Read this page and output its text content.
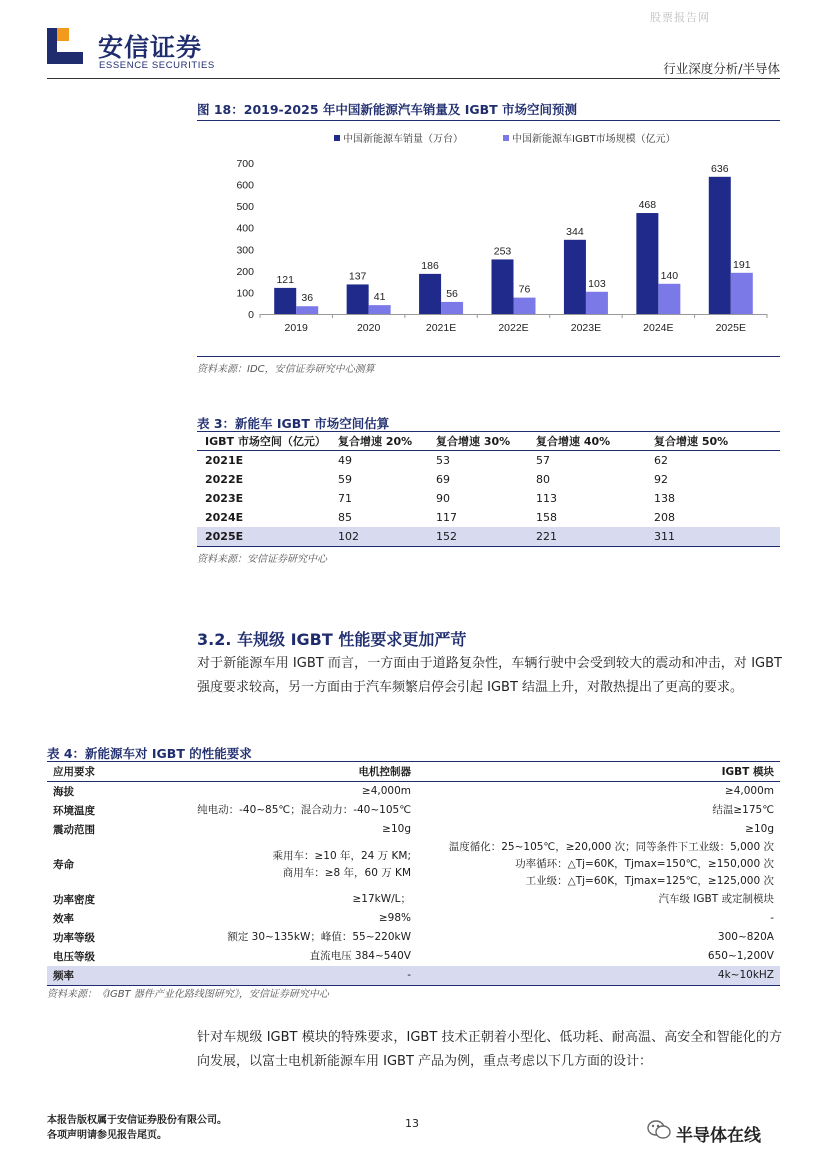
股票报告网
安信证券
ESSENCE SECURITIES	行业深度分析/半导体
图 18：2019-2025 年中国新能源汽车销量及 IGBT 市场空间预测
中国新能源车销量（万台）	中国新能源车IGBT市场规模（亿元）
0
100
200
300
400
500
600
700
2019
121
36
2020
137
41
2021E
186
56
2022E
253
76
2023E
344
103
2024E
468
140
2025E
636
191
资料来源：IDC，安信证券研究中心测算
表 3：新能车 IGBT 市场空间估算
IGBT 市场空间（亿元）	复合增速 20%	复合增速 30%	复合增速 40%	复合增速 50%
2021E	49	53	57	62
2022E	59	69	80	92
2023E	71	90	113	138
2024E	85	117	158	208
2025E	102	152	221	311
资料来源：安信证券研究中心
3.2. 车规级 IGBT 性能要求更加严苛
对于新能源车用 IGBT 而言，一方面由于道路复杂性，车辆行驶中会受到较大的震动和冲击，对 IGBT 强度要求较高，另一方面由于汽车频繁启停会引起 IGBT 结温上升，对散热提出了更高的要求。
表 4：新能源车对 IGBT 的性能要求
应用要求	电机控制器	IGBT 模块
海拔	≥4,000m	≥4,000m

环境温度	纯电动：-40~85℃；混合动力：-40~105℃	结温≥175℃

震动范围	≥10g	≥10g

寿命	乘用车：≥10 年，24 万 KM;
商用车：≥8 年，60 万 KM	温度循化：25~105℃，≥20,000 次；同等条件下工业级：5,000 次
功率循环：△Tj=60K，Tjmax=150℃，≥150,000 次
工业级：△Tj=60K，Tjmax=125℃，≥125,000 次

功率密度	≥17kW/L；	汽车级 IGBT 或定制模块

效率	≥98%	-

功率等级	额定 30~135kW；峰值：55~220kW	300~820A

电压等级	直流电压 384~540V	650~1,200V

频率	-	4k~10kHZ
资料来源：《IGBT 器件产业化路线图研究》，安信证券研究中心
针对车规级 IGBT 模块的特殊要求，IGBT 技术正朝着小型化、低功耗、耐高温、高安全和智能化的方向发展，以富士电机新能源车用 IGBT 产品为例，重点考虑以下几方面的设计：
本报告版权属于安信证券股份有限公司。
各项声明请参见报告尾页。
13
半导体在线
